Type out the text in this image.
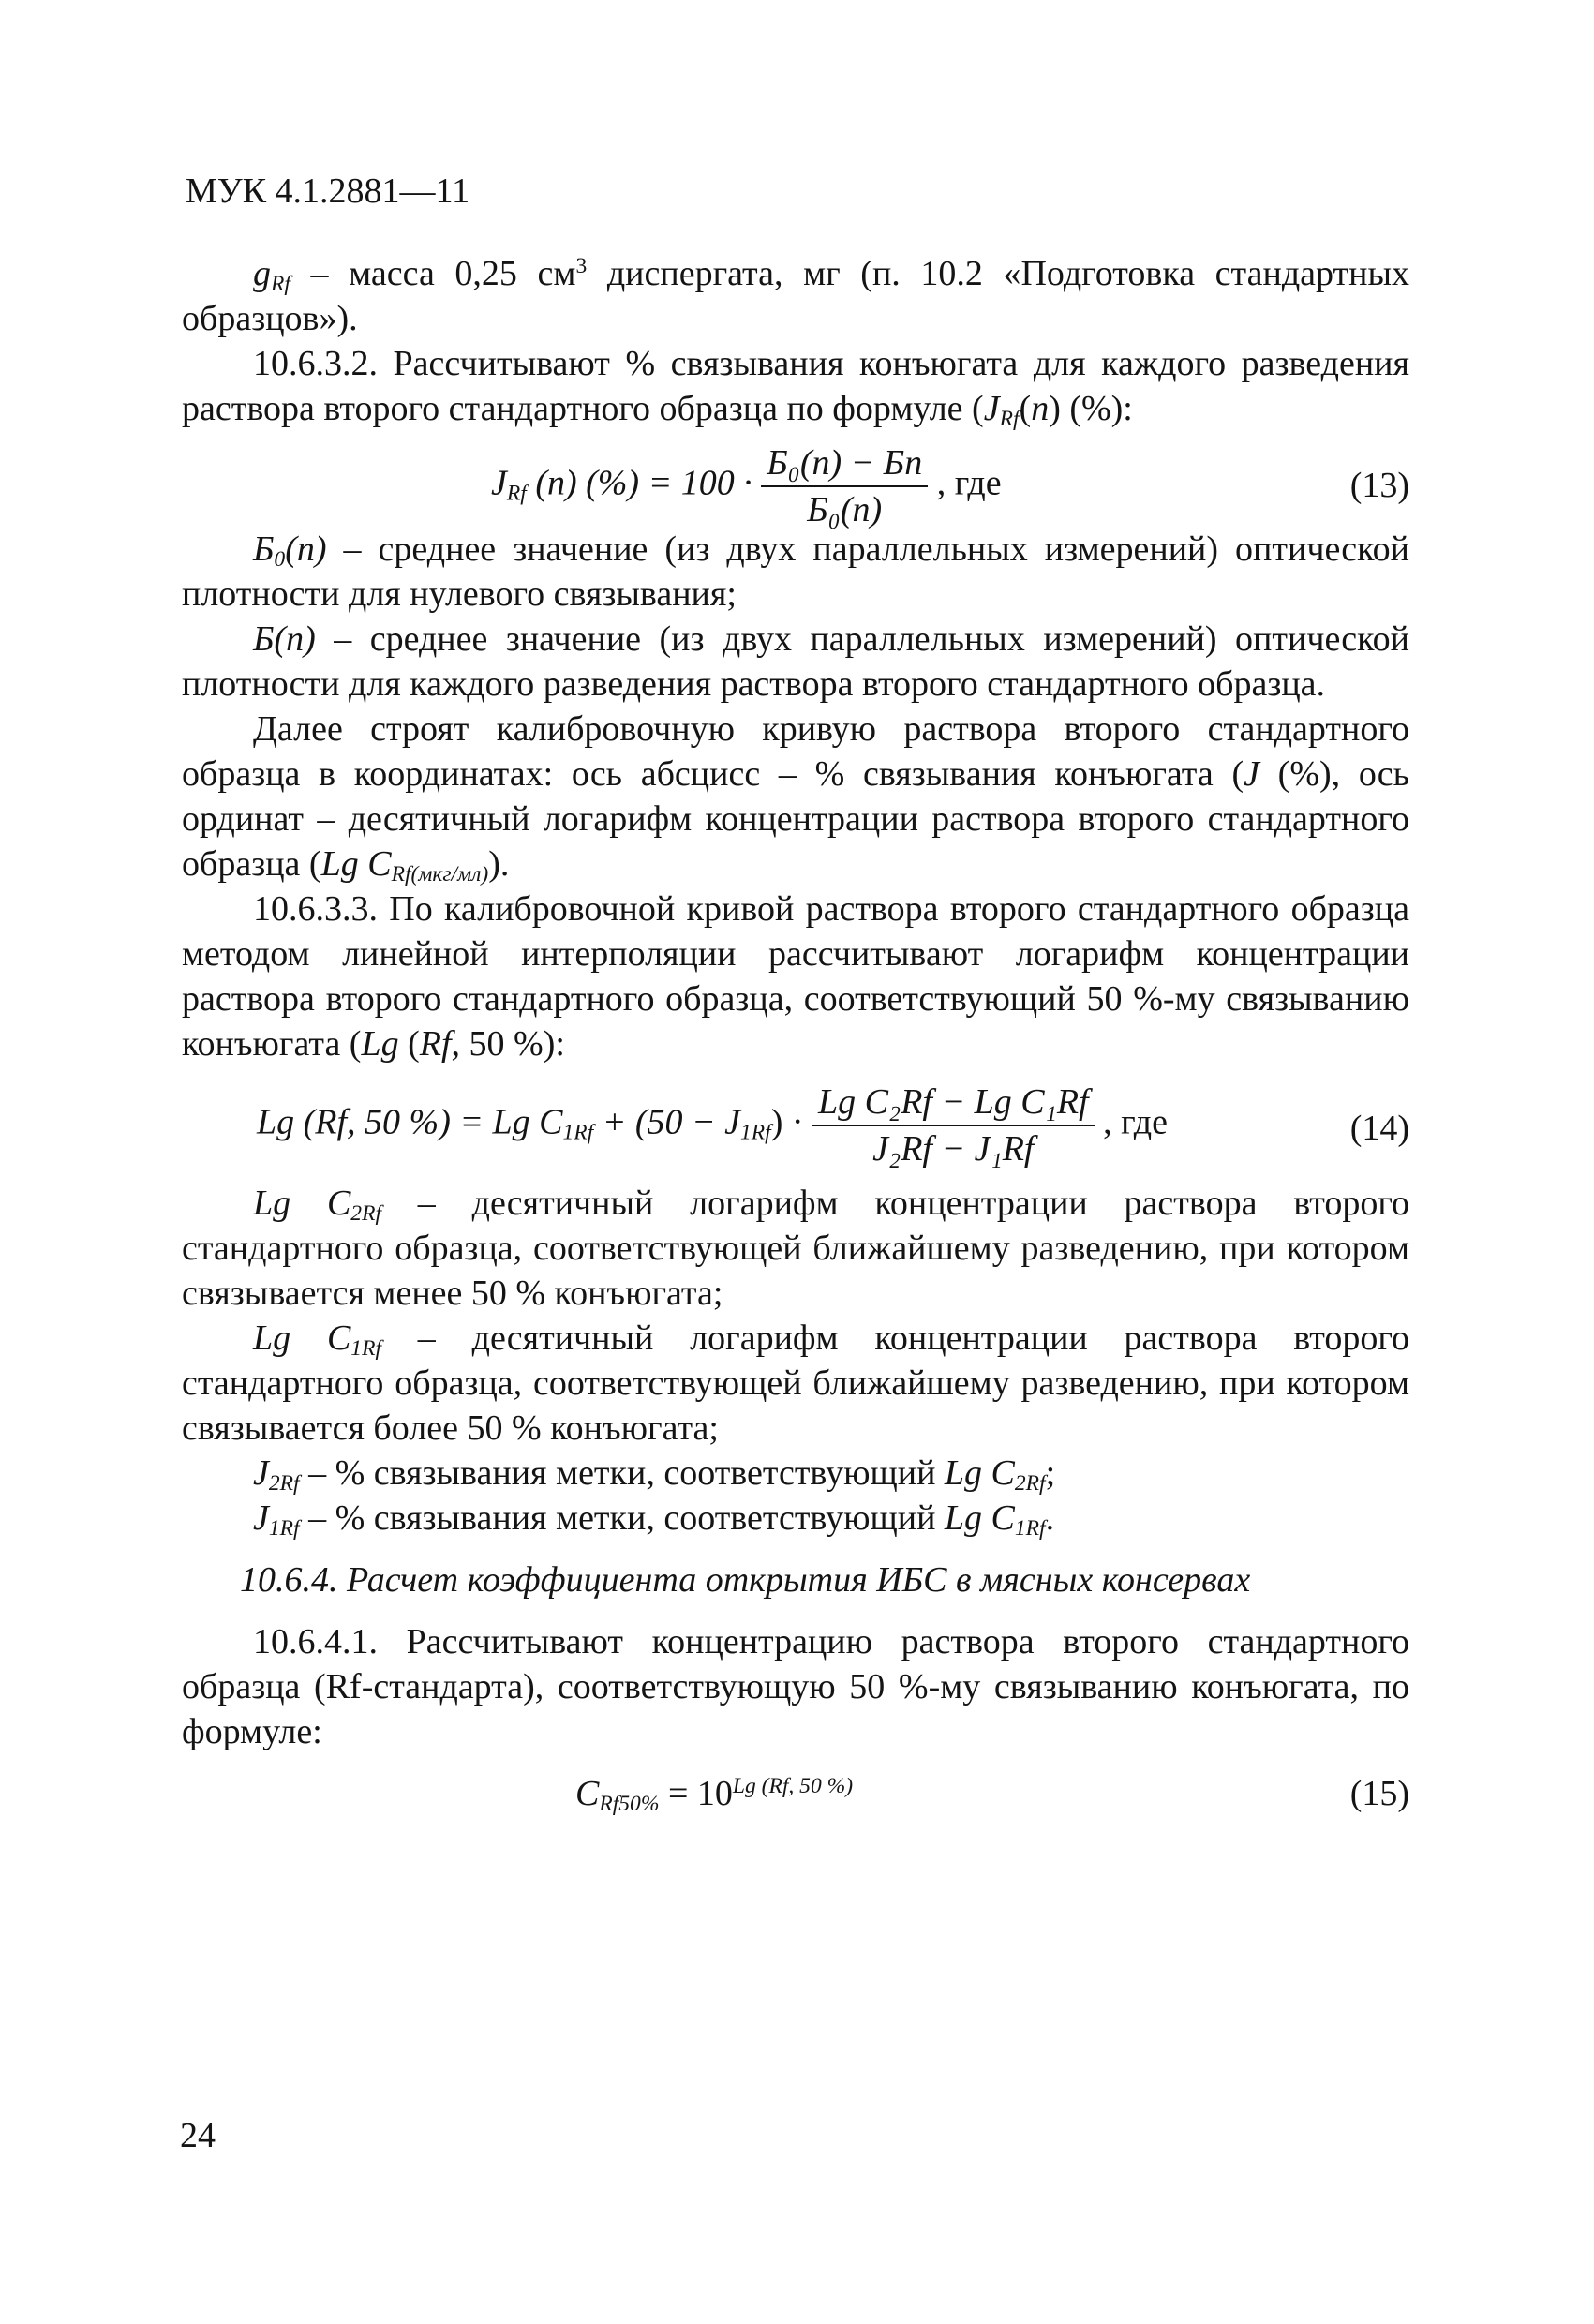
МУК 4.1.2881—11

$g_{Rf}$ – масса 0,25 $см^3$ диспергата, мг (п. 10.2 «Подготовка стандартных образцов»).

10.6.3.2. Рассчитывают % связывания конъюгата для каждого разведения раствора второго стандартного образца по формуле ($J_{Rf}(n)$ (%):

$J_{Rf}$ (n) (%) = $100 \cdot \frac{\text{Б₀(n) − Бn}}{\text{Б₀(n)}}$ , где	(13)

$Б_0(n)$ – среднее значение (из двух параллельных измерений) оптической плотности для нулевого связывания;

Б(n) – среднее значение (из двух параллельных измерений) оптической плотности для каждого разведения раствора второго стандартного образца.

Далее строят калибровочную кривую раствора второго стандартного образца в координатах: ось абсцисс – % связывания конъюгата (J (%), ось ординат – десятичный логарифм концентрации раствора второго стандартного образца (Lg $C_{Rf(мкг/мл)}$).

10.6.3.3. По калибровочной кривой раствора второго стандартного образца методом линейной интерполяции рассчитывают логарифм концентрации раствора второго стандартного образца, соответствующий 50 %-му связыванию конъюгата (Lg (Rf, 50 %):

Lg (Rf, 50 %) = Lg $C_{1Rf} + (50 - J_{1Rf}) \cdot \frac{\text{Lg C₂Rf − Lg C₁Rf}}{\text{J₂Rf − J₁Rf}}$ , где	(14)

Lg $C_{2Rf}$ – десятичный логарифм концентрации раствора второго стандартного образца, соответствующей ближайшему разведению, при котором связывается менее 50 % конъюгата;

Lg $C_{1Rf}$ – десятичный логарифм концентрации раствора второго стандартного образца, соответствующей ближайшему разведению, при котором связывается более 50 % конъюгата;

$J_{2Rf}$ – % связывания метки, соответствующий Lg $C_{2Rf}$;

$J_{1Rf}$ – % связывания метки, соответствующий Lg $C_{1Rf}$.

10.6.4. Расчет коэффициента открытия ИБС в мясных консервах

10.6.4.1. Рассчитывают концентрацию раствора второго стандартного образца (Rf-стандарта), соответствующую 50 %-му связыванию конъюгата, по формуле:

$C_{Rf50\%} = 10^{Lg (Rf, 50 \%)}$	(15)
24
